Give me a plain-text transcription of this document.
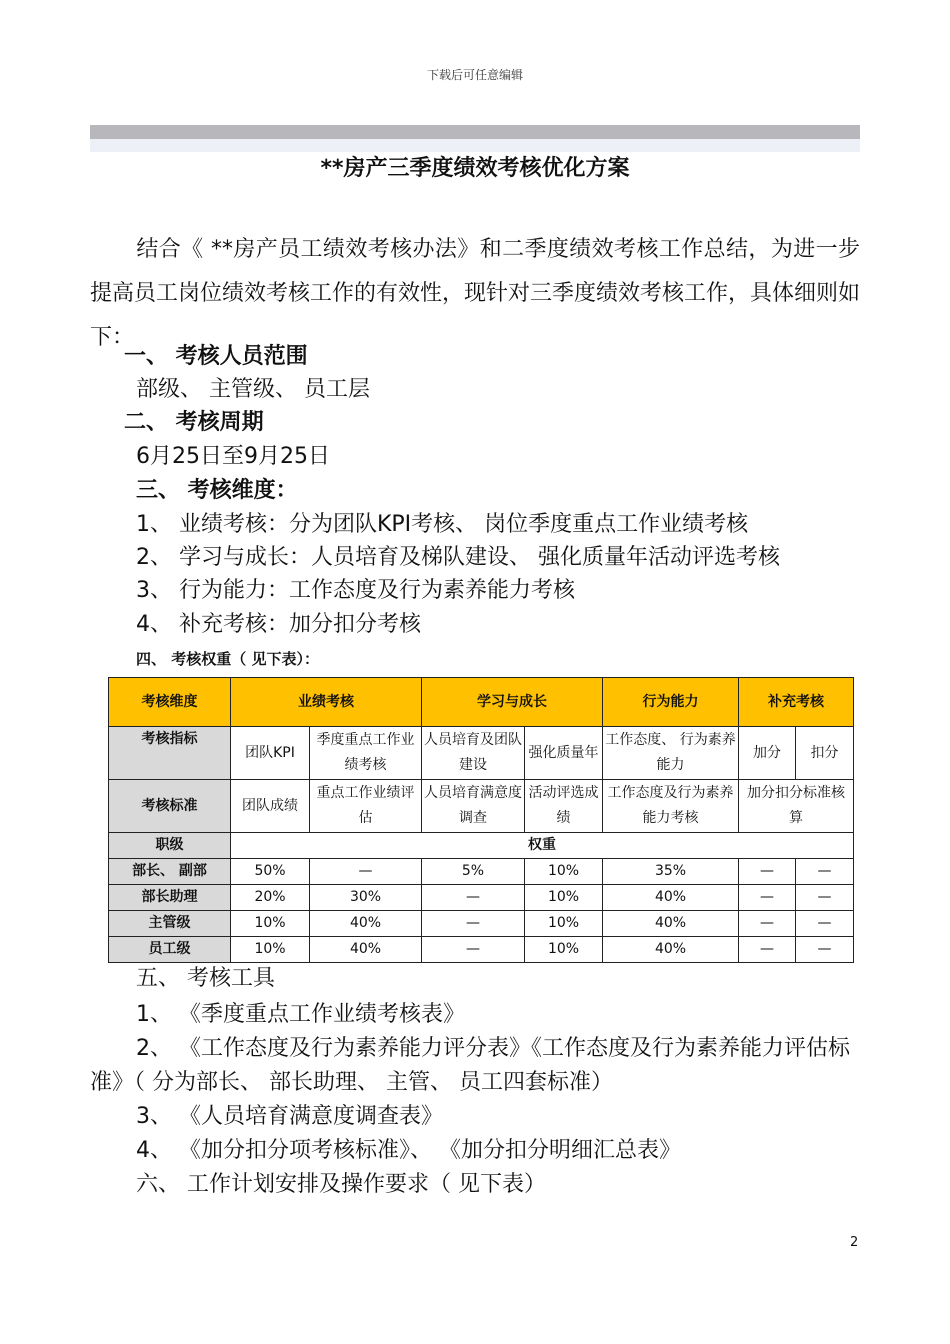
下载后可任意编辑
**房产三季度绩效考核优化方案
结合《 **房产员工绩效考核办法》和二季度绩效考核工作总结，为进一步提高员工岗位绩效考核工作的有效性，现针对三季度绩效考核工作，具体细则如下：
一、 考核人员范围
部级、 主管级、 员工层
二、 考核周期
6月25日至9月25日
三、 考核维度：
1、 业绩考核：分为团队KPI考核、 岗位季度重点工作业绩考核
2、 学习与成长：人员培育及梯队建设、 强化质量年活动评选考核
3、 行为能力：工作态度及行为素养能力考核
4、 补充考核：加分扣分考核
四、 考核权重（ 见下表）：
考核维度	业绩考核		学习与成长		行为能力	补充考核	
考核指标	团队KPI	季度重点工作业绩考核	人员培育及团队建设	强化质量年	工作态度、 行为素养能力	加分	扣分
考核标准	团队成绩	重点工作业绩评估	人员培育满意度调查	活动评选成绩	工作态度及行为素养能力考核	加分扣分标准核算	
职级	权重						
部长、 副部	50%	—	5%	10%	35%	—	—
部长助理	20%	30%	—	10%	40%	—	—
主管级	10%	40%	—	10%	40%	—	—
员工级	10%	40%	—	10%	40%	—	—
五、 考核工具
1、 《季度重点工作业绩考核表》
2、 《工作态度及行为素养能力评分表》《工作态度及行为素养能力评估标准》（ 分为部长、 部长助理、 主管、 员工四套标准）
3、 《人员培育满意度调查表》
4、 《加分扣分项考核标准》、 《加分扣分明细汇总表》
六、 工作计划安排及操作要求（ 见下表）
2
